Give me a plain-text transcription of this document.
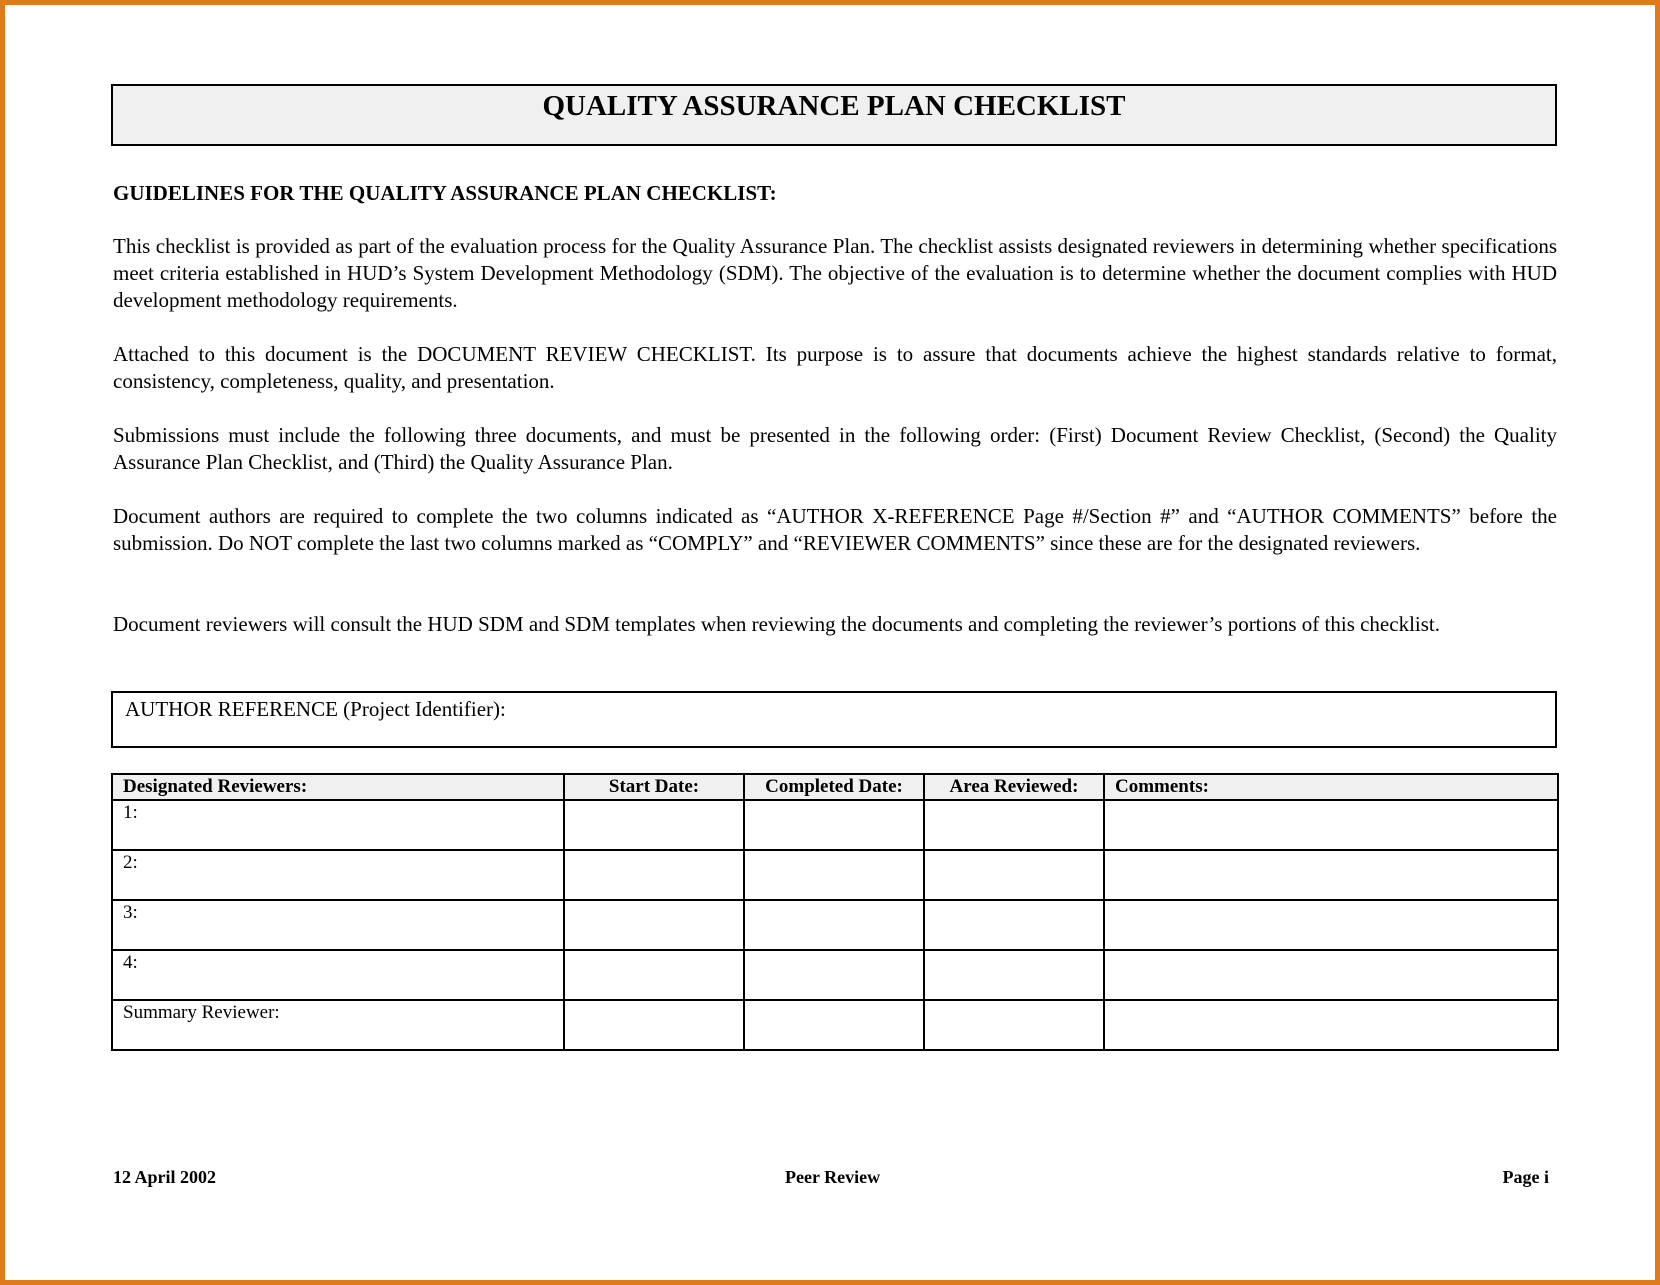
QUALITY ASSURANCE PLAN CHECKLIST

GUIDELINES FOR THE QUALITY ASSURANCE PLAN CHECKLIST:

This checklist is provided as part of the evaluation process for the Quality Assurance Plan. The checklist assists designated reviewers in determining whether specifications meet criteria established in HUD’s System Development Methodology (SDM). The objective of the evaluation is to determine whether the document complies with HUD development methodology requirements.

Attached to this document is the DOCUMENT REVIEW CHECKLIST. Its purpose is to assure that documents achieve the highest standards relative to format, consistency, completeness, quality, and presentation.

Submissions must include the following three documents, and must be presented in the following order: (First) Document Review Checklist, (Second) the Quality Assurance Plan Checklist, and (Third) the Quality Assurance Plan.

Document authors are required to complete the two columns indicated as “AUTHOR X-REFERENCE Page #/Section #” and “AUTHOR COMMENTS” before the submission. Do NOT complete the last two columns marked as “COMPLY” and “REVIEWER COMMENTS” since these are for the designated reviewers.

Document reviewers will consult the HUD SDM and SDM templates when reviewing the documents and completing the reviewer’s portions of this checklist.

AUTHOR REFERENCE (Project Identifier):
Designated Reviewers:	Start Date:	Completed Date:	Area Reviewed:	Comments:
1:				
2:				
3:				
4:				
Summary Reviewer:				
12 April 2002	Peer Review	Page i
